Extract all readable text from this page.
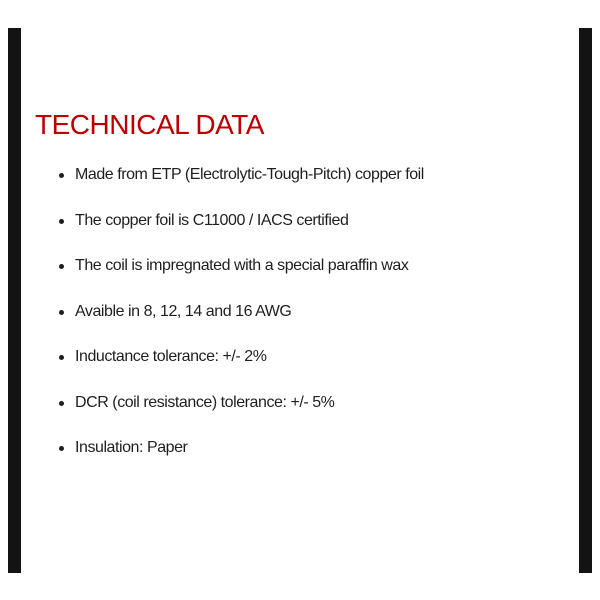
TECHNICAL DATA
Made from ETP (Electrolytic-Tough-Pitch) copper foil
The copper foil is C11000 / IACS certified
The coil is impregnated with a special paraffin wax
Avaible in 8, 12, 14 and 16 AWG
Inductance tolerance: +/- 2%
DCR (coil resistance) tolerance: +/- 5%
Insulation: Paper
